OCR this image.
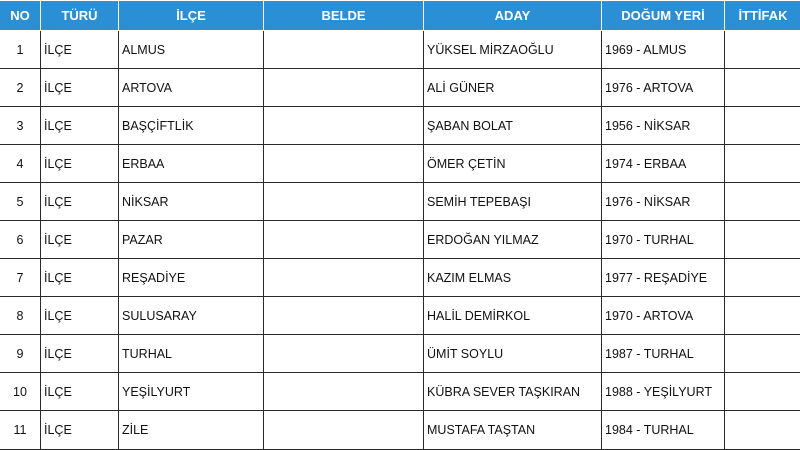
NO	TÜRÜ	İLÇE	BELDE	ADAY	DOĞUM YERİ	İTTİFAK
1	İLÇE	ALMUS		YÜKSEL MİRZAOĞLU	1969 - ALMUS	
2	İLÇE	ARTOVA		ALİ GÜNER	1976 - ARTOVA	
3	İLÇE	BAŞÇİFTLİK		ŞABAN BOLAT	1956 - NİKSAR	
4	İLÇE	ERBAA		ÖMER ÇETİN	1974 - ERBAA	
5	İLÇE	NİKSAR		SEMİH TEPEBAŞI	1976 - NİKSAR	
6	İLÇE	PAZAR		ERDOĞAN YILMAZ	1970 - TURHAL	
7	İLÇE	REŞADİYE		KAZIM ELMAS	1977 - REŞADİYE	
8	İLÇE	SULUSARAY		HALİL DEMİRKOL	1970 - ARTOVA	
9	İLÇE	TURHAL		ÜMİT SOYLU	1987 - TURHAL	
10	İLÇE	YEŞİLYURT		KÜBRA SEVER TAŞKIRAN	1988 - YEŞİLYURT	
11	İLÇE	ZİLE		MUSTAFA TAŞTAN	1984 - TURHAL	
